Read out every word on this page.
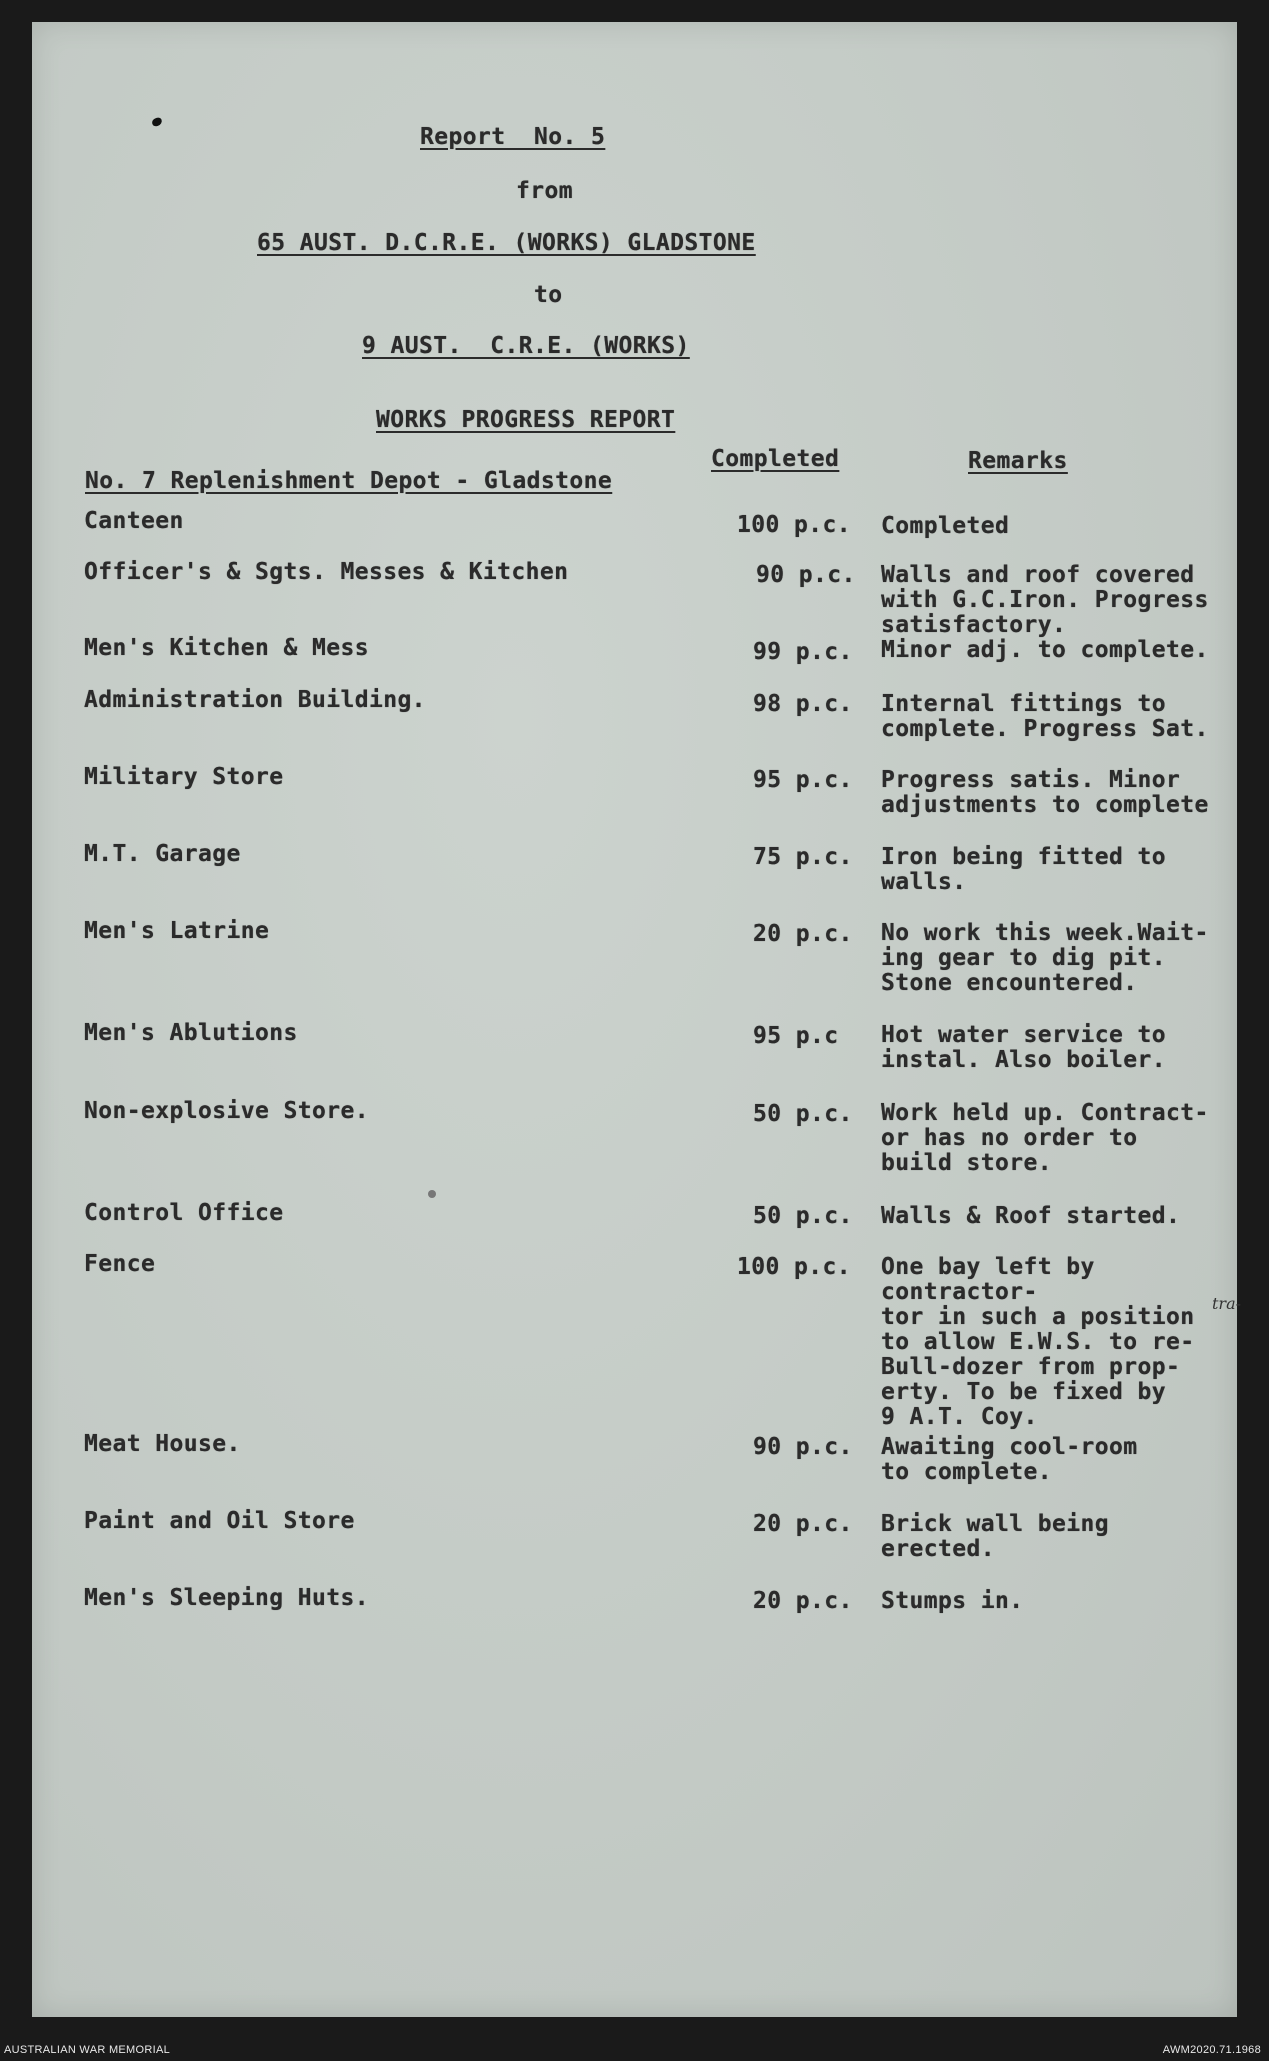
Report  No. 5
from
65 AUST. D.C.R.E. (WORKS) GLADSTONE
to
9 AUST.  C.R.E. (WORKS)
WORKS PROGRESS REPORT
Completed	Remarks
No. 7 Replenishment Depot - Gladstone
Canteen	100 p.c. Completed
Officer's & Sgts. Messes & Kitchen	90 p.c. Walls and roof covered
with G.C.Iron. Progress
satisfactory.
Men's Kitchen & Mess	99 p.c. Minor adj. to complete.
Administration Building.	98 p.c. Internal fittings to
complete. Progress Sat.
Military Store	95 p.c. Progress satis. Minor
adjustments to complete
M.T. Garage	75 p.c. Iron being fitted to
walls.
Men's Latrine	20 p.c. No work this week.Wait-
ing gear to dig pit.
Stone encountered.
Men's Ablutions	95 p.c Hot water service to
instal. Also boiler.
Non-explosive Store.	50 p.c. Work held up. Contract-
or has no order to
build store.
Control Office	50 p.c. Walls & Roof started.
Fence	100 p.c. One bay left by contractor-
tor in such a position
to allow E.W.S. to re-
Bull-dozer from prop-
erty. To be fixed by
9 A.T. Coy.
Meat House.	90 p.c. Awaiting cool-room
to complete.
Paint and Oil Store	20 p.c. Brick wall being
erected.
Men's Sleeping Huts.	20 p.c. Stumps in.
tra-
AUSTRALIAN WAR MEMORIAL	AWM2020.71.1968
